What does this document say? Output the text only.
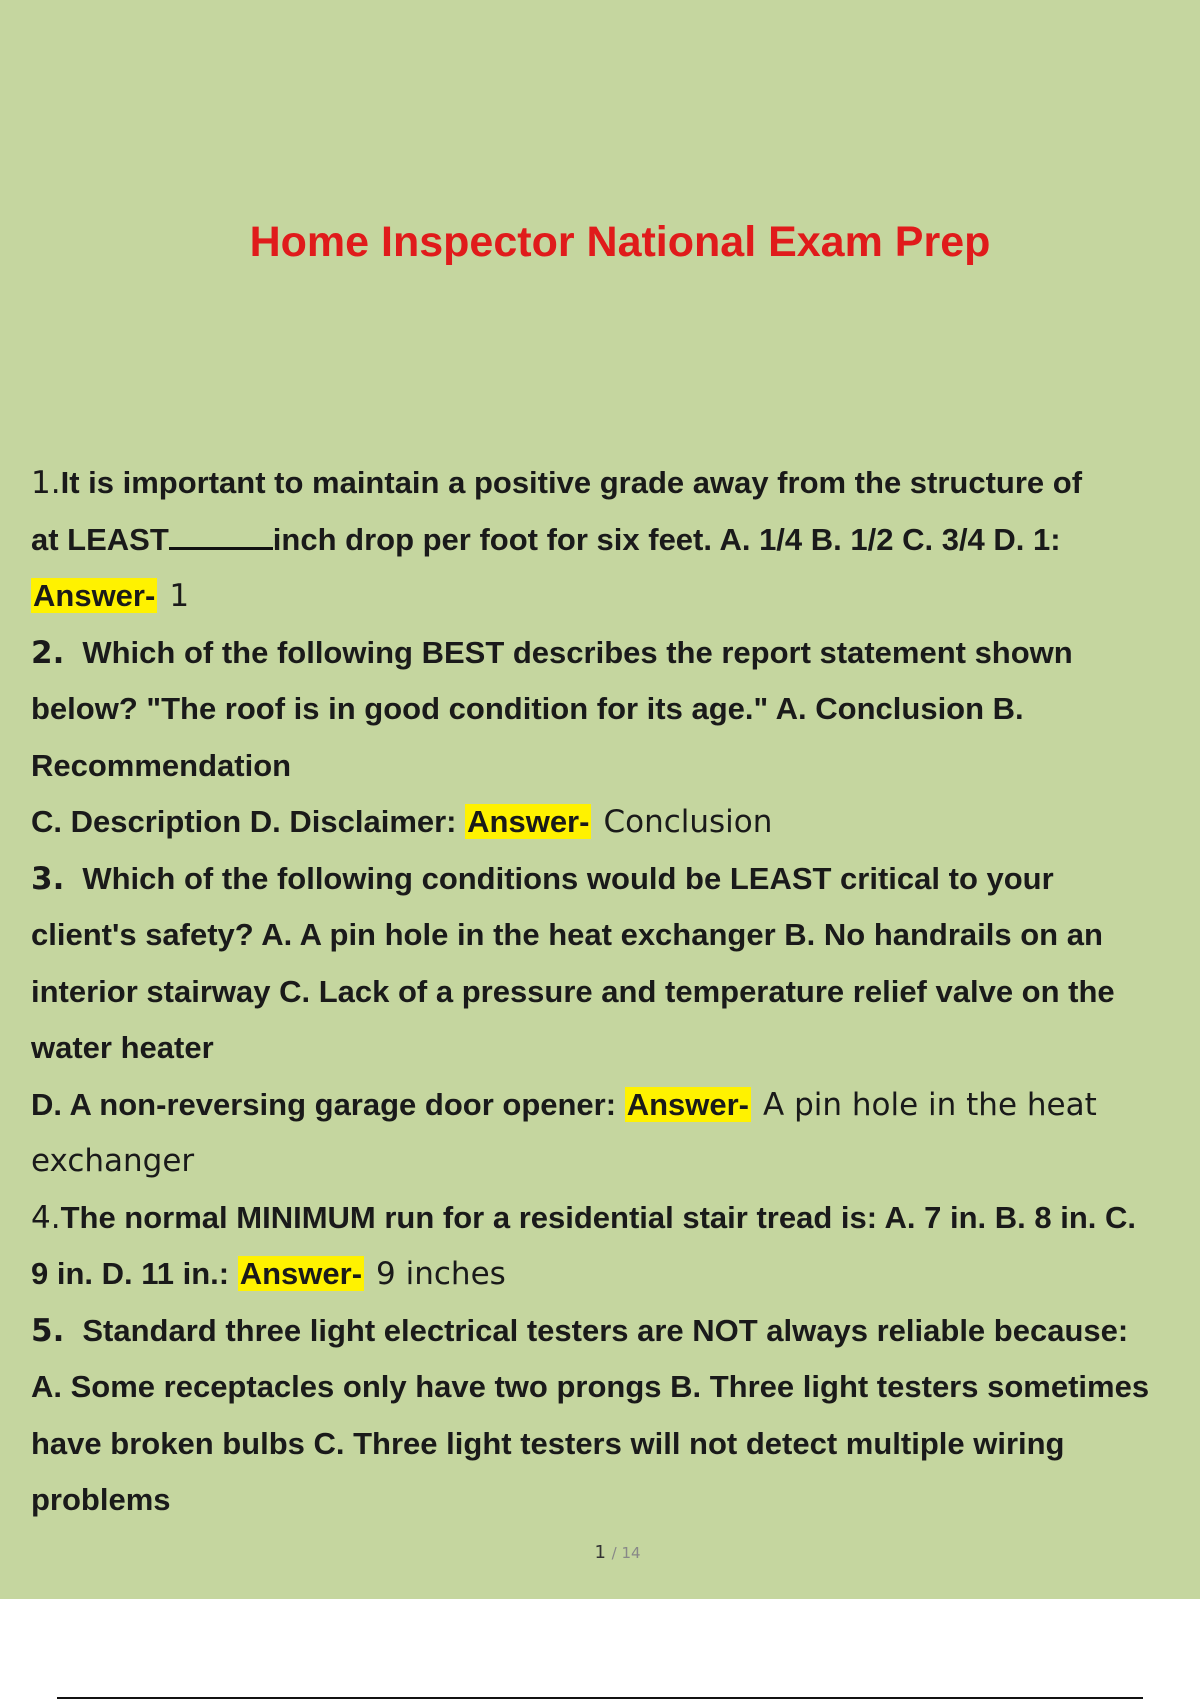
Home Inspector National Exam Prep
1.It is important to maintain a positive grade away from the structure of
at LEAST	inch drop per foot for six feet. A. 1/4 B. 1/2 C. 3/4 D. 1:
Answer- 1
2. Which of the following BEST describes the report statement shown
below? "The roof is in good condition for its age." A. Conclusion B.
Recommendation
C. Description D. Disclaimer: Answer- Conclusion
3. Which of the following conditions would be LEAST critical to your
client's safety? A. A pin hole in the heat exchanger B. No handrails on an
interior stairway C. Lack of a pressure and temperature relief valve on the
water heater
D. A non-reversing garage door opener: Answer- A pin hole in the heat
exchanger
4.The normal MINIMUM run for a residential stair tread is: A. 7 in. B. 8 in. C.
9 in. D. 11 in.: Answer- 9 inches
5. Standard three light electrical testers are NOT always reliable because:
A. Some receptacles only have two prongs B. Three light testers sometimes
have broken bulbs C. Three light testers will not detect multiple wiring
problems
1 / 14
